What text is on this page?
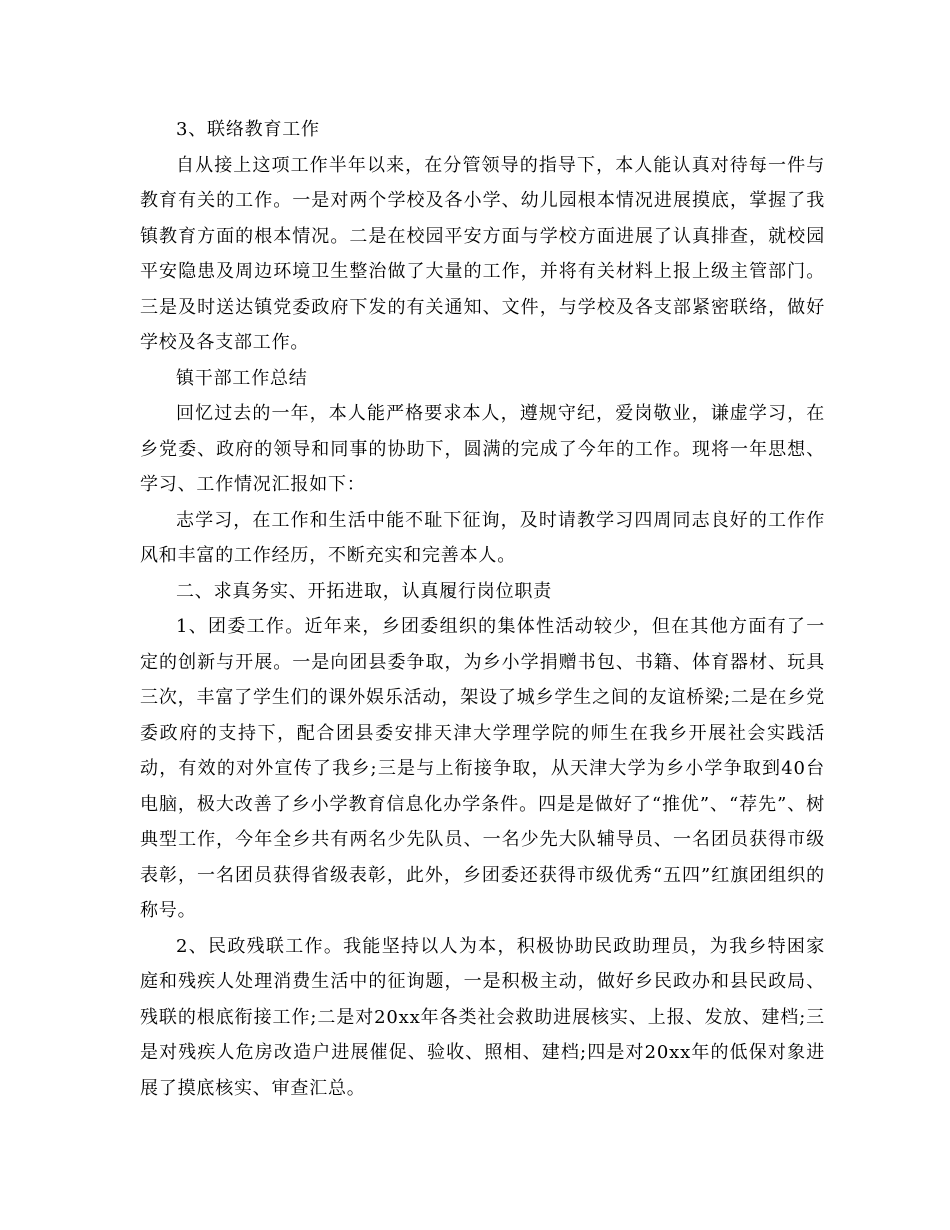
3、联络教育工作

自从接上这项工作半年以来，在分管领导的指导下，本人能认真对待每一件与教育有关的工作。一是对两个学校及各小学、幼儿园根本情况进展摸底，掌握了我镇教育方面的根本情况。二是在校园平安方面与学校方面进展了认真排查，就校园平安隐患及周边环境卫生整治做了大量的工作，并将有关材料上报上级主管部门。三是及时送达镇党委政府下发的有关通知、文件，与学校及各支部紧密联络，做好学校及各支部工作。

镇干部工作总结

回忆过去的一年，本人能严格要求本人，遵规守纪，爱岗敬业，谦虚学习，在乡党委、政府的领导和同事的协助下，圆满的完成了今年的工作。现将一年思想、学习、工作情况汇报如下：

志学习，在工作和生活中能不耻下征询，及时请教学习四周同志良好的工作作风和丰富的工作经历，不断充实和完善本人。

二、求真务实、开拓进取，认真履行岗位职责

1、团委工作。近年来，乡团委组织的集体性活动较少，但在其他方面有了一定的创新与开展。一是向团县委争取，为乡小学捐赠书包、书籍、体育器材、玩具三次，丰富了学生们的课外娱乐活动，架设了城乡学生之间的友谊桥梁;二是在乡党委政府的支持下，配合团县委安排天津大学理学院的师生在我乡开展社会实践活动，有效的对外宣传了我乡;三是与上衔接争取，从天津大学为乡小学争取到40台电脑，极大改善了乡小学教育信息化办学条件。四是是做好了“推优”、“荐先”、树典型工作，今年全乡共有两名少先队员、一名少先大队辅导员、一名团员获得市级表彰，一名团员获得省级表彰，此外，乡团委还获得市级优秀“五四”红旗团组织的称号。

2、民政残联工作。我能坚持以人为本，积极协助民政助理员，为我乡特困家庭和残疾人处理消费生活中的征询题，一是积极主动，做好乡民政办和县民政局、残联的根底衔接工作;二是对20xx年各类社会救助进展核实、上报、发放、建档;三是对残疾人危房改造户进展催促、验收、照相、建档;四是对20xx年的低保对象进展了摸底核实、审查汇总。
